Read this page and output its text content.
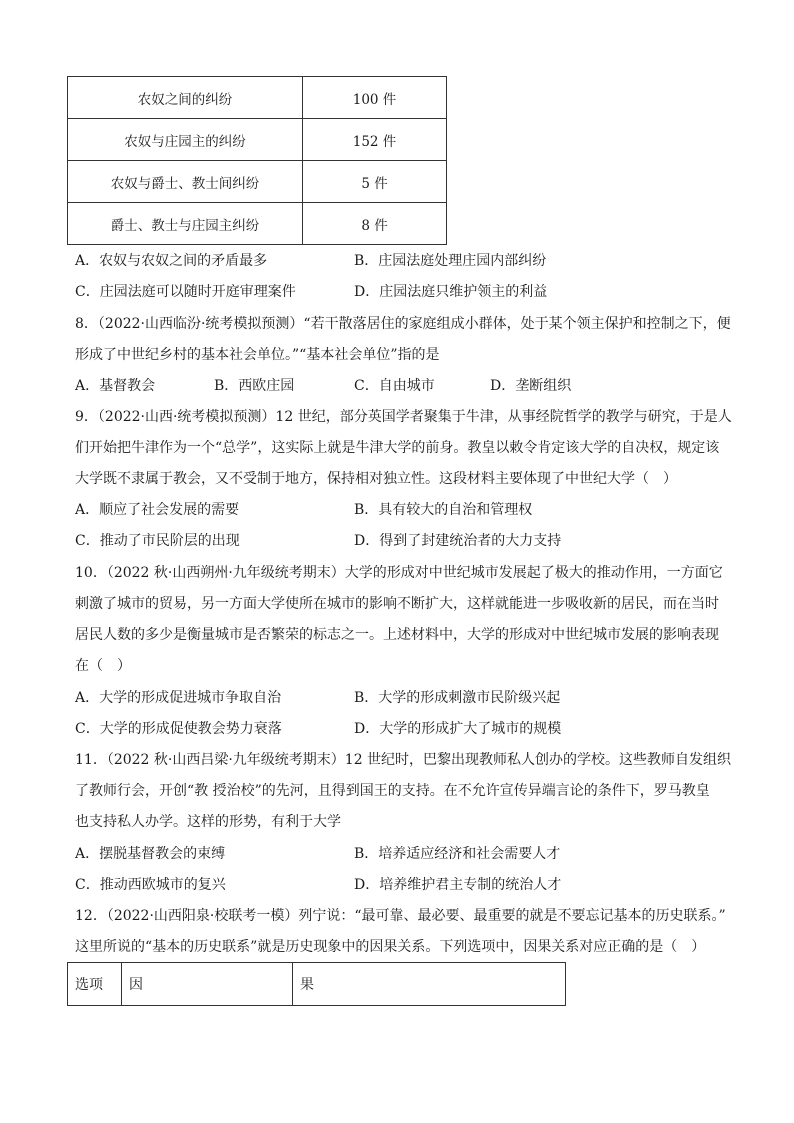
农奴之间的纠纷	100 件
农奴与庄园主的纠纷	152 件
农奴与爵士、教士间纠纷	5 件
爵士、教士与庄园主纠纷	8 件
A．农奴与农奴之间的矛盾最多	B．庄园法庭处理庄园内部纠纷
C．庄园法庭可以随时开庭审理案件	D．庄园法庭只维护领主的利益
8．（2022·山西临汾·统考模拟预测）“若干散落居住的家庭组成小群体，处于某个领主保护和控制之下，便
形成了中世纪乡村的基本社会单位。”“基本社会单位”指的是
A．基督教会	B．西欧庄园	C．自由城市	D．垄断组织
9．（2022·山西·统考模拟预测）12 世纪，部分英国学者聚集于牛津，从事经院哲学的教学与研究，于是人
们开始把牛津作为一个“总学”，这实际上就是牛津大学的前身。教皇以敕令肯定该大学的自决权，规定该
大学既不隶属于教会，又不受制于地方，保持相对独立性。这段材料主要体现了中世纪大学（　）
A．顺应了社会发展的需要	B．具有较大的自治和管理权
C．推动了市民阶层的出现	D．得到了封建统治者的大力支持
10．（2022 秋·山西朔州·九年级统考期末）大学的形成对中世纪城市发展起了极大的推动作用，一方面它
刺激了城市的贸易，另一方面大学使所在城市的影响不断扩大，这样就能进一步吸收新的居民，而在当时
居民人数的多少是衡量城市是否繁荣的标志之一。上述材料中，大学的形成对中世纪城市发展的影响表现
在（　）
A．大学的形成促进城市争取自治	B．大学的形成刺激市民阶级兴起
C．大学的形成促使教会势力衰落	D．大学的形成扩大了城市的规模
11．（2022 秋·山西吕梁·九年级统考期末）12 世纪时，巴黎出现教师私人创办的学校。这些教师自发组织
了教师行会，开创“教 授治校”的先河，且得到国王的支持。在不允许宣传异端言论的条件下，罗马教皇
也支持私人办学。这样的形势，有利于大学
A．摆脱基督教会的束缚	B．培养适应经济和社会需要人才
C．推动西欧城市的复兴	D．培养维护君主专制的统治人才
12．（2022·山西阳泉·校联考一模）列宁说：“最可靠、最必要、最重要的就是不要忘记基本的历史联系。”
这里所说的“基本的历史联系”就是历史现象中的因果关系。下列选项中，因果关系对应正确的是（　）
选项	因	果
